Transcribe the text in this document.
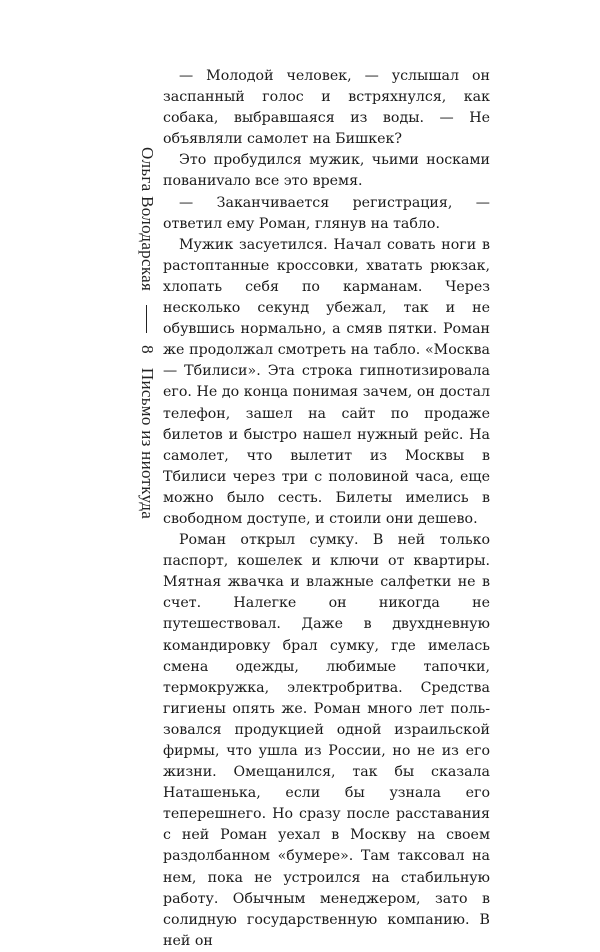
Ольга Володарская
8
Письмо из ниоткуда

— Молодой человек, — услышал он заспанный голос и встряхнулся, как собака, выбравшаяся из воды. — Не объявляли самолет на Бишкек?

Это пробудился мужик, чьими носками пованиvало все это время.

— Заканчивается регистрация, — ответил ему Роман, глянув на табло.

Мужик засуетился. Начал совать ноги в растоптанные кроссовки, хватать рюкзак, хлопать себя по карманам. Через несколько секунд убежал, так и не обувшись нормально, а смяв пятки. Роман же продолжал смотреть на табло. «Москва — Тбилиси». Эта строка гипнотизировала его. Не до конца понимая зачем, он достал телефон, зашел на сайт по продаже билетов и быстро нашел нужный рейс. На самолет, что вылетит из Москвы в Тбилиси через три с половиной часа, еще можно было сесть. Билеты имелись в свободном доступе, и стоили они дешево.

Роман открыл сумку. В ней только паспорт, кошелек и ключи от квартиры. Мятная жвачка и влажные салфетки не в счет. Налегке он никогда не путешествовал. Даже в двухдневную командировку брал сумку, где имелась смена одежды, любимые тапочки, термокружка, электробритва. Средства гигиены опять же. Роман много лет пользовался продукцией одной израильской фирмы, что ушла из России, но не из его жизни. Омещанился, так бы сказала Наташенька, если бы узнала его теперешнего. Но сразу после расставания с ней Роман уехал в Москву на своем раздолбанном «бумере». Там таксовал на нем, пока не устроился на стабильную работу. Обычным менеджером, зато в солидную государственную компанию. В ней он
